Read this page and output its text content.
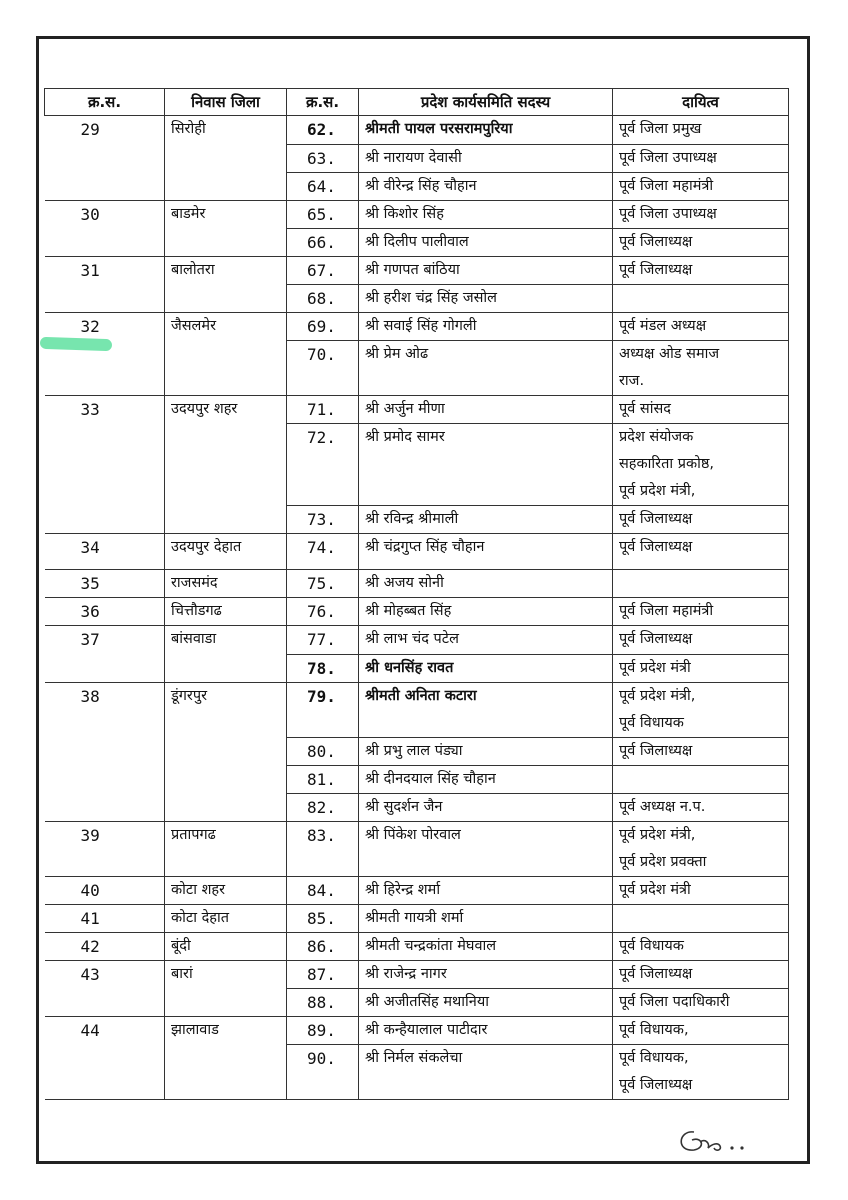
क्र.स.	निवास जिला	क्र.स.	प्रदेश कार्यसमिति सदस्य	दायित्व
29	सिरोही	62.	श्रीमती पायल परसरामपुरिया	पूर्व जिला प्रमुख
		63.	श्री नारायण देवासी	पूर्व जिला उपाध्यक्ष
		64.	श्री वीरेन्द्र सिंह चौहान	पूर्व जिला महामंत्री
30	बाडमेर	65.	श्री किशोर सिंह	पूर्व जिला उपाध्यक्ष
		66.	श्री दिलीप पालीवाल	पूर्व जिलाध्यक्ष
31	बालोतरा	67.	श्री गणपत बांठिया	पूर्व जिलाध्यक्ष
		68.	श्री हरीश चंद्र सिंह जसोल	
32	जैसलमेर	69.	श्री सवाई सिंह गोगली	पूर्व मंडल अध्यक्ष
		70.	श्री प्रेम ओढ	अध्यक्ष ओड समाज
राज.
33	उदयपुर शहर	71.	श्री अर्जुन मीणा	पूर्व सांसद
		72.	श्री प्रमोद सामर	प्रदेश संयोजक
सहकारिता प्रकोष्ठ,
पूर्व प्रदेश मंत्री,
		73.	श्री रविन्द्र श्रीमाली	पूर्व जिलाध्यक्ष
34	उदयपुर देहात	74.	श्री चंद्रगुप्त सिंह चौहान	पूर्व जिलाध्यक्ष
35	राजसमंद	75.	श्री अजय सोनी	
36	चित्तौडगढ	76.	श्री मोहब्बत सिंह	पूर्व जिला महामंत्री
37	बांसवाडा	77.	श्री लाभ चंद पटेल	पूर्व जिलाध्यक्ष
		78.	श्री धनसिंह रावत	पूर्व प्रदेश मंत्री
38	डूंगरपुर	79.	श्रीमती अनिता कटारा	पूर्व प्रदेश मंत्री,
पूर्व विधायक
		80.	श्री प्रभु लाल पंड्या	पूर्व जिलाध्यक्ष
		81.	श्री दीनदयाल सिंह चौहान	
		82.	श्री सुदर्शन जैन	पूर्व अध्यक्ष न.प.
39	प्रतापगढ	83.	श्री पिंकेश पोरवाल	पूर्व प्रदेश मंत्री,
पूर्व प्रदेश प्रवक्ता
40	कोटा शहर	84.	श्री हिरेन्द्र शर्मा	पूर्व प्रदेश मंत्री
41	कोटा देहात	85.	श्रीमती गायत्री शर्मा	
42	बूंदी	86.	श्रीमती चन्द्रकांता मेघवाल	पूर्व विधायक
43	बारां	87.	श्री राजेन्द्र नागर	पूर्व जिलाध्यक्ष
		88.	श्री अजीतसिंह मथानिया	पूर्व जिला पदाधिकारी
44	झालावाड	89.	श्री कन्हैयालाल पाटीदार	पूर्व विधायक,
		90.	श्री निर्मल संकलेचा	पूर्व विधायक,
पूर्व जिलाध्यक्ष
